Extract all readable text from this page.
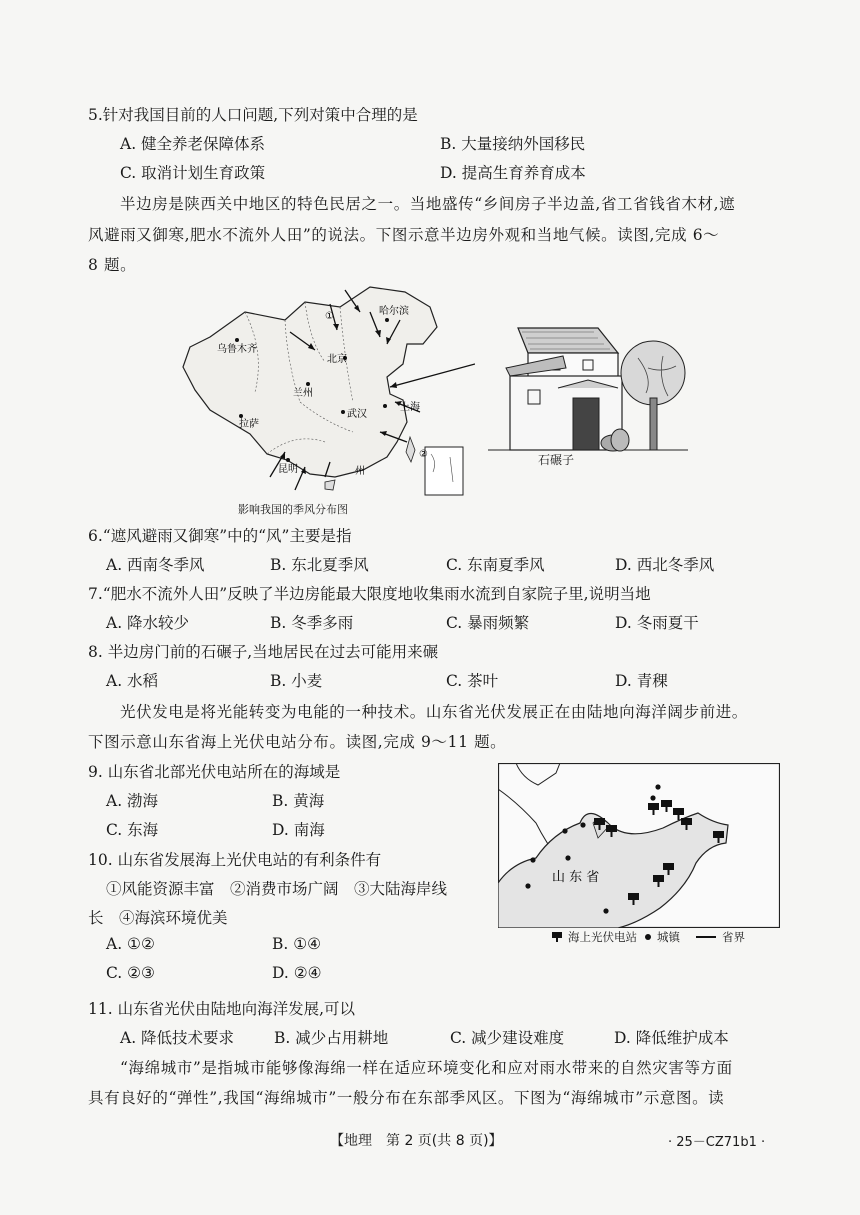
5.针对我国目前的人口问题,下列对策中合理的是
A. 健全养老保障体系	B. 大量接纳外国移民
C. 取消计划生育政策	D. 提高生育养育成本
半边房是陕西关中地区的特色民居之一。当地盛传“乡间房子半边盖,省工省钱省木材,遮
风避雨又御寒,肥水不流外人田”的说法。下图示意半边房外观和当地气候。读图,完成 6～
8 题。
乌鲁木齐
哈尔滨
北京
兰州
武汉
上海
拉萨
昆明	州
①
②
影响我国的季风分布图
石碾子
6.“遮风避雨又御寒”中的“风”主要是指
A. 西南冬季风	B. 东北夏季风	C. 东南夏季风	D. 西北冬季风
7.“肥水不流外人田”反映了半边房能最大限度地收集雨水流到自家院子里,说明当地
A. 降水较少	B. 冬季多雨	C. 暴雨频繁	D. 冬雨夏干
8. 半边房门前的石碾子,当地居民在过去可能用来碾
A. 水稻	B. 小麦	C. 茶叶	D. 青稞
光伏发电是将光能转变为电能的一种技术。山东省光伏发展正在由陆地向海洋阔步前进。
下图示意山东省海上光伏电站分布。读图,完成 9～11 题。
9. 山东省北部光伏电站所在的海域是
A. 渤海	B. 黄海
C. 东海	D. 南海
10. 山东省发展海上光伏电站的有利条件有
①风能资源丰富　②消费市场广阔　③大陆海岸线
长　④海滨环境优美
A. ①②	B. ①④
C. ②③	D. ②④
山 东 省
海上光伏电站 城镇	省界
11. 山东省光伏由陆地向海洋发展,可以
A. 降低技术要求	B. 减少占用耕地	C. 减少建设难度	D. 降低维护成本
“海绵城市”是指城市能够像海绵一样在适应环境变化和应对雨水带来的自然灾害等方面
具有良好的“弹性”,我国“海绵城市”一般分布在东部季风区。下图为“海绵城市”示意图。读
【地理　第 2 页(共 8 页)】	· 25－CZ71b1 ·
